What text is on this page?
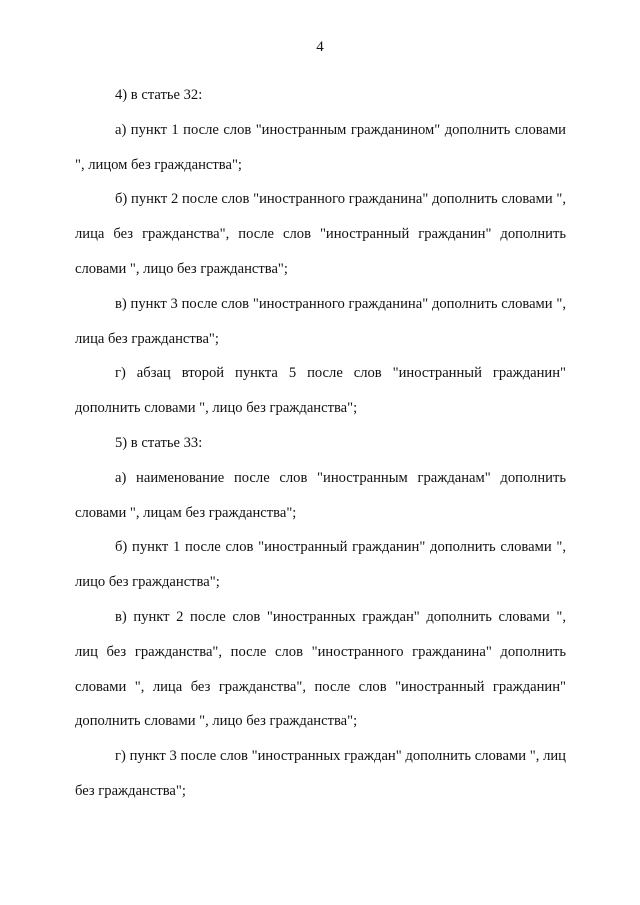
4

4) в статье 32:

а) пункт 1 после слов "иностранным гражданином" дополнить словами ", лицом без гражданства";

б) пункт 2 после слов "иностранного гражданина" дополнить словами ", лица без гражданства", после слов "иностранный гражданин" дополнить словами ", лицо без гражданства";

в) пункт 3 после слов "иностранного гражданина" дополнить словами ", лица без гражданства";

г) абзац второй пункта 5 после слов "иностранный гражданин" дополнить словами ", лицо без гражданства";

5) в статье 33:

а) наименование после слов "иностранным гражданам" дополнить словами ", лицам без гражданства";

б) пункт 1 после слов "иностранный гражданин" дополнить словами ", лицо без гражданства";

в) пункт 2 после слов "иностранных граждан" дополнить словами ", лиц без гражданства", после слов "иностранного гражданина" дополнить словами ", лица без гражданства", после слов "иностранный гражданин" дополнить словами ", лицо без гражданства";

г) пункт 3 после слов "иностранных граждан" дополнить словами ", лиц без гражданства";
